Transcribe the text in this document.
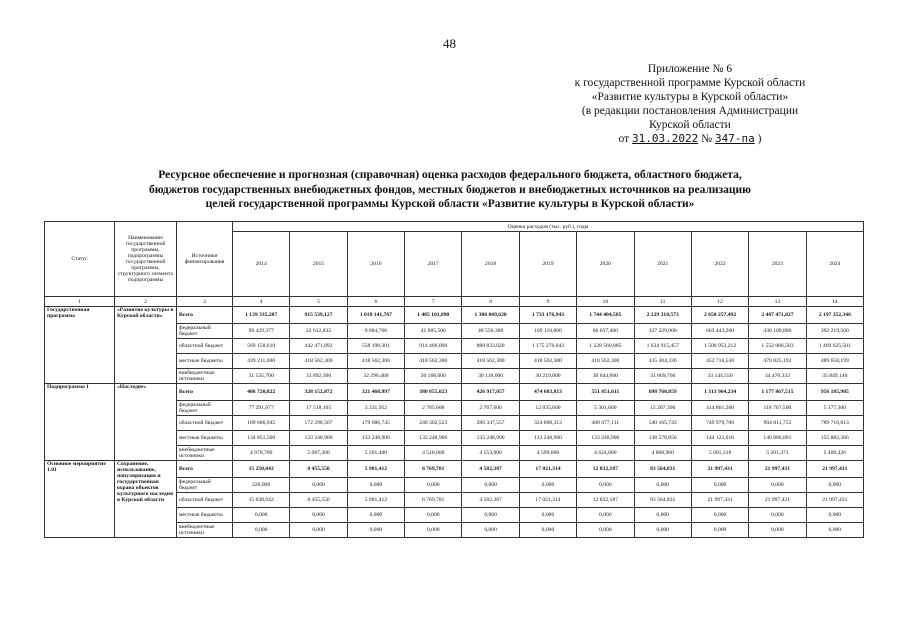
48
Приложение № 6
к государственной программе Курской области
«Развитие культуры в Курской области»
(в редакции постановления Администрации
Курской области
от 31.03.2022 № 347-па )
Ресурсное обеспечение и прогнозная (справочная) оценка расходов федерального бюджета, областного бюджета,
бюджетов государственных внебюджетных фондов, местных бюджетов и внебюджетных источников на реализацию
целей государственной программы Курской области «Развитие культуры в Курской области»
Статус	Наименование государственной программы, подпрограммы государственной программы, структурного элемента подпрограммы	Источники финансирования	Оценка расходов (тыс. руб.), годы										
			2014	2015	2016	2017	2018	2019	2020	2021	2022	2023	2024
1	2	3	4	5	6	7	8	9	10	11	12	13	14
Государственная программа	«Развитие культуры в Курской области»	Всего	1 139 335,287	915 539,127	1 018 141,767	1 405 101,890	1 386 069,620	1 733 176,943	1 744 404,585	2 229 318,573	2 650 257,492	2 487 471,827	2 197 352,346
		федеральный бюджет	99 429,377	22 612,835	9 084,766	41 905,500	48 556,308	109 119,000	66 637,400	127 229,000	663 443,200	430 109,800	202 219,500
		областной бюджет	569 158,610	442 471,892	558 198,301	914 466,090	888 833,020	1 175 276,643	1 228 560,885	1 634 915,457	1 500 953,212	1 552 066,503	1 469 625,501
		местные бюджеты	439 211,600	418 562,300	418 562,300	418 562,300	418 562,300	418 562,300	418 562,300	435 304,336	452 716,530	470 825,192	489 658,199
		внебюджетные источники	31 535,700	31 892,300	32 296,400	30 168,000	30 118,000	30 219,000	30 644,000	31 869,760	33 144,550	34 470,332	35 849,146
Подпрограмма 1	«Наследие»	Всего	406 720,822	328 152,872	321 468,997	380 855,023	426 917,057	474 683,813	551 851,611	698 760,859	1 313 964,234	1 177 867,515	956 185,905
		федеральный бюджет	77 291,677	17 518,105	3 331,952	2 785,600	2 767,600	12 035,600	5 301,600	15 207,300	414 861,200	118 767,500	5 177,300
		областной бюджет	189 606,945	172 298,567	179 686,745	240 302,523	286 347,557	324 800,313	408 677,111	540 165,743	749 979,706	904 011,753	789 716,813
		местные бюджеты	134 851,500	133 248,900	133 248,900	133 248,900	133 248,900	133 248,900	133 248,900	138 578,856	144 122,010	149 886,891	155 882,366
		внебюджетные источники	4 970,700	5 087,300	5 201,400	4 518,000	4 553,000	4 599,000	4 624,000	4 808,960	5 001,318	5 201,371	5 409,426
Основное мероприятие 1.01	Сохранение, использование, популяризация и государственная охрана объектов культурного наследия в Курской области	Всего	15 250,042	8 455,550	5 981,412	6 769,781	4 582,387	17 021,314	12 832,187	83 564,831	21 997,431	21 997,431	21 997,431
		федеральный бюджет	220,000	0,000	0,000	0,000	0,000	0,000	0,000	0,000	0,000	0,000	0,000
		областной бюджет	15 030,042	8 455,550	5 981,412	6 769,781	4 582,387	17 021,314	12 832,187	83 564,831	21 997,431	21 997,431	21 997,431
		местные бюджеты	0,000	0,000	0,000	0,000	0,000	0,000	0,000	0,000	0,000	0,000	0,000
		внебюджетные источники	0,000	0,000	0,000	0,000	0,000	0,000	0,000	0,000	0,000	0,000	0,000
